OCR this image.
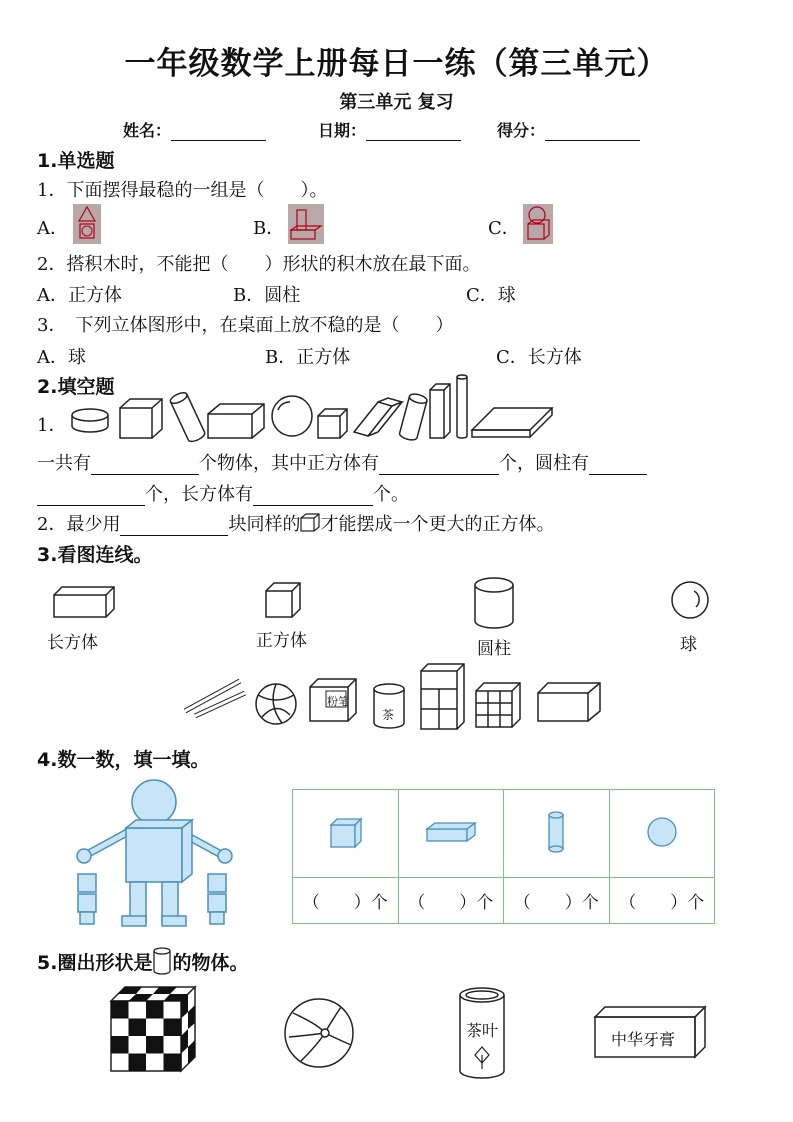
一年级数学上册每日一练（第三单元）
第三单元 复习
姓名：	日期：	得分：
1.单选题
1．下面摆得最稳的一组是（　　）。
A．	B．	C．
2．搭积木时，不能把（　　）形状的积木放在最下面。
A．正方体	B．圆柱	C．球
3．　下列立体图形中，在桌面上放不稳的是（　　）
A．球	B．正方体	C．长方体
2.填空题
1．
一共有	个物体，其中正方体有	个，圆柱有
个，长方体有	个。
2．最少用	块同样的 才能摆成一个更大的正方体。
3.看图连线。
长方体	正方体	圆柱	球
粉笔
茶
4.数一数，填一填。

（　　）个	（　　）个	（　　）个	（　　）个
5.圈出形状是 的物体。
茶叶	中华牙膏
